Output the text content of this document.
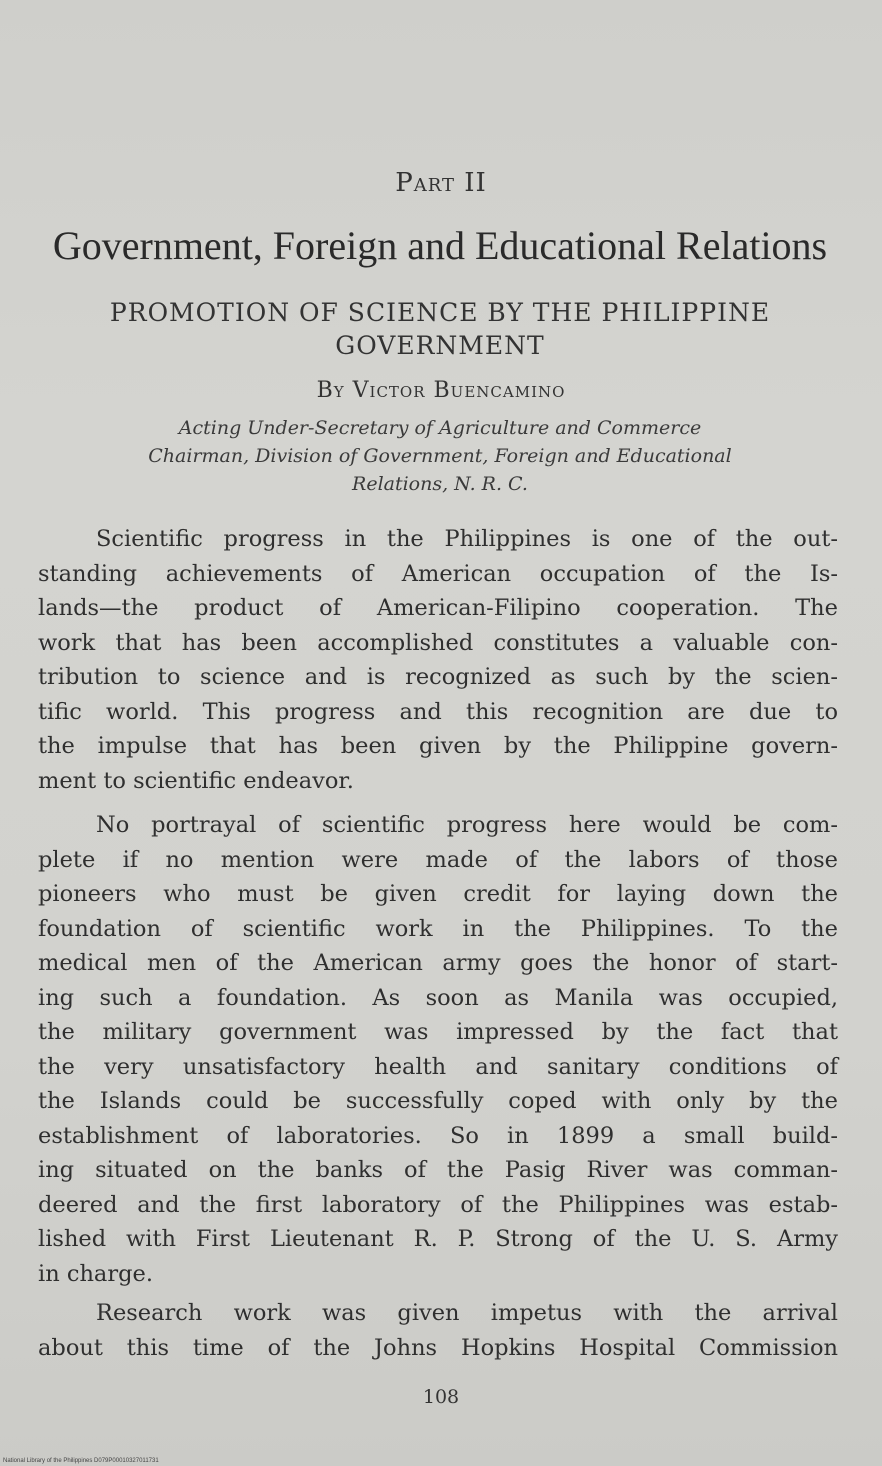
Part II
Government, Foreign and Educational Relations
PROMOTION OF SCIENCE BY THE PHILIPPINE
GOVERNMENT
By Victor Buencamino
Acting Under-Secretary of Agriculture and Commerce
Chairman, Division of Government, Foreign and Educational
Relations, N. R. C.
Scientific progress in the Philippines is one of the out-
standing achievements of American occupation of the Is-
lands—the product of American-Filipino cooperation. The
work that has been accomplished constitutes a valuable con-
tribution to science and is recognized as such by the scien-
tific world. This progress and this recognition are due to
the impulse that has been given by the Philippine govern-
ment to scientific endeavor.
No portrayal of scientific progress here would be com-
plete if no mention were made of the labors of those
pioneers who must be given credit for laying down the
foundation of scientific work in the Philippines. To the
medical men of the American army goes the honor of start-
ing such a foundation. As soon as Manila was occupied,
the military government was impressed by the fact that
the very unsatisfactory health and sanitary conditions of
the Islands could be successfully coped with only by the
establishment of laboratories. So in 1899 a small build-
ing situated on the banks of the Pasig River was comman-
deered and the first laboratory of the Philippines was estab-
lished with First Lieutenant R. P. Strong of the U. S. Army
in charge.
Research work was given impetus with the arrival
about this time of the Johns Hopkins Hospital Commission
108
National Library of the Philippines D079P00010327011731
